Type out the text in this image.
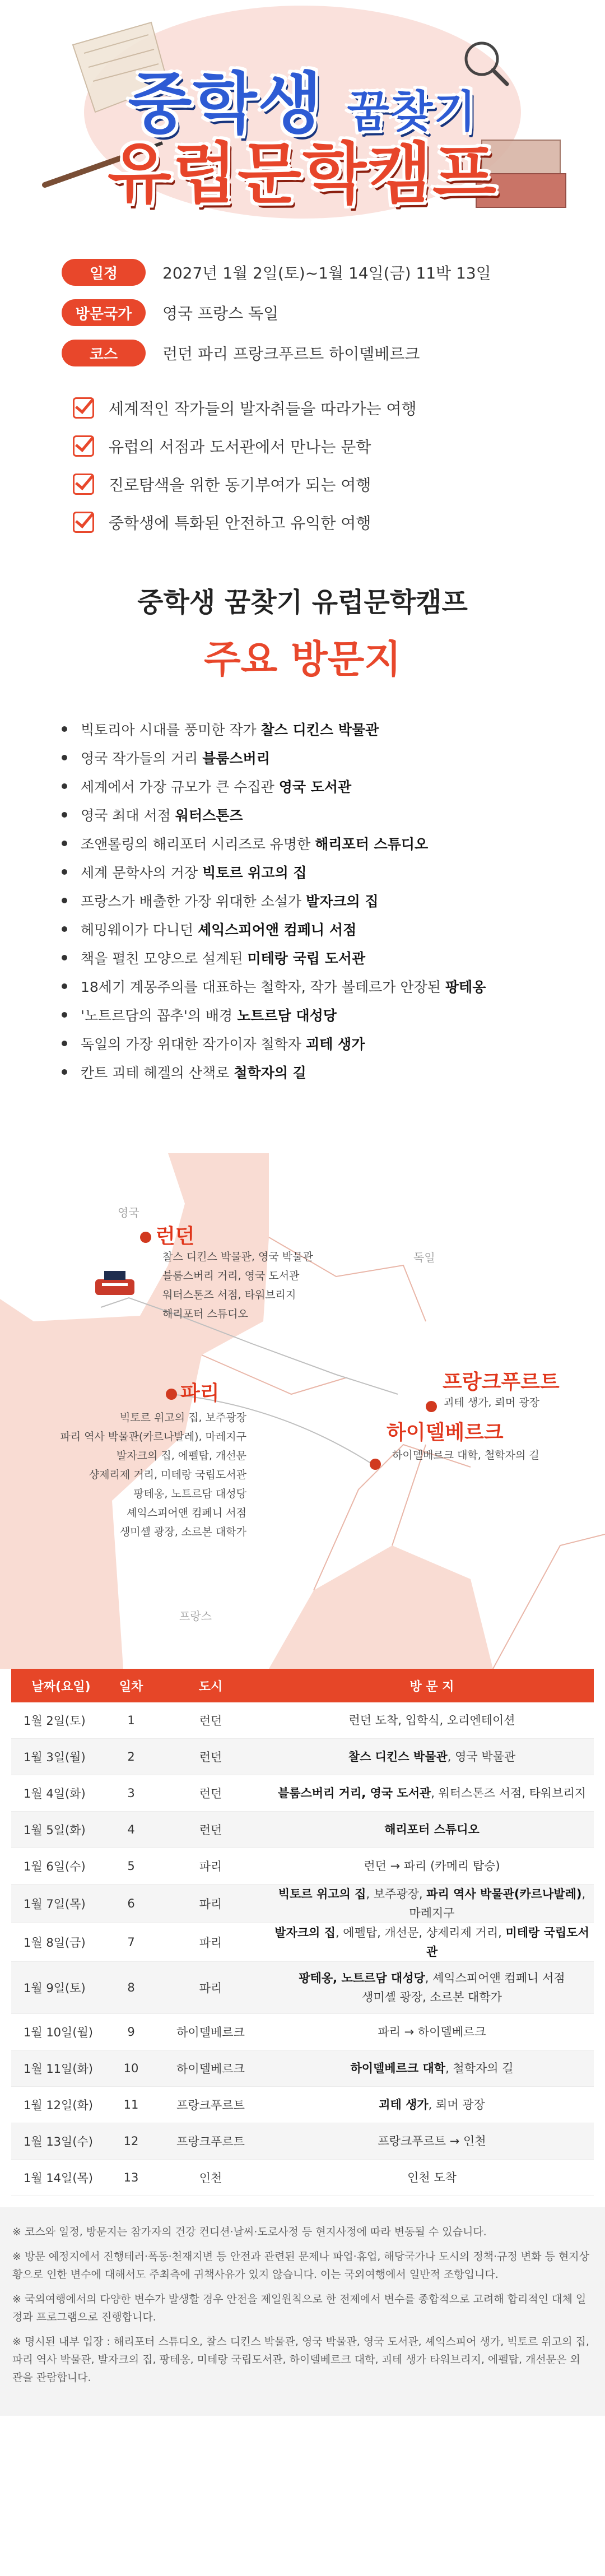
중학생 꿈찾기
유럽문학캠프
일정	2027년 1월 2일(토)~1월 14일(금) 11박 13일
방문국가	영국 프랑스 독일
코스	런던 파리 프랑크푸르트 하이델베르크
세계적인 작가들의 발자취들을 따라가는 여행
유럽의 서점과 도서관에서 만나는 문학
진로탐색을 위한 동기부여가 되는 여행
중학생에 특화된 안전하고 유익한 여행
중학생 꿈찾기 유럽문학캠프
주요 방문지
빅토리아 시대를 풍미한 작가 찰스 디킨스 박물관
영국 작가들의 거리 블룸스버리
세계에서 가장 규모가 큰 수집관 영국 도서관
영국 최대 서점 워터스톤즈
조앤롤링의 해리포터 시리즈로 유명한 해리포터 스튜디오
세계 문학사의 거장 빅토르 위고의 집
프랑스가 배출한 가장 위대한 소설가 발자크의 집
헤밍웨이가 다니던 셰익스피어앤 컴페니 서점
책을 펼친 모양으로 설계된 미테랑 국립 도서관
18세기 계몽주의를 대표하는 철학자, 작가 볼테르가 안장된 팡테옹
'노트르담의 꼽추'의 배경 노트르담 대성당
독일의 가장 위대한 작가이자 철학자 괴테 생가
칸트 괴테 헤겔의 산책로 철학자의 길
영국
독일
프랑스
런던
찰스 디킨스 박물관, 영국 박물관
블룸스버리 거리, 영국 도서관
워터스톤즈 서점, 타워브리지
해리포터 스튜디오
파리
빅토르 위고의 집, 보주광장
파리 역사 박물관(카르나발레), 마레지구
발자크의 집, 에펠탑, 개선문
샹제리제 거리, 미테랑 국립도서관
팡테옹, 노트르담 대성당
셰익스피어앤 컴페니 서점
생미셸 광장, 소르본 대학가
프랑크푸르트
괴테 생가, 뢰머 광장
하이델베르크
하이델베르크 대학, 철학자의 길
날짜(요일)	일차	도시	방 문 지
1월 2일(토)	1	런던	런던 도착, 입학식, 오리엔테이션
1월 3일(월)	2	런던	찰스 디킨스 박물관, 영국 박물관
1월 4일(화)	3	런던	블룸스버리 거리, 영국 도서관, 워터스톤즈 서점, 타워브리지
1월 5일(화)	4	런던	해리포터 스튜디오
1월 6일(수)	5	파리	런던 → 파리 (카메리 탑승)
1월 7일(목)	6	파리	빅토르 위고의 집, 보주광장, 파리 역사 박물관(카르나발레), 마레지구
1월 8일(금)	7	파리	발자크의 집, 에펠탑, 개선문, 샹제리제 거리, 미테랑 국립도서관
1월 9일(토)	8	파리	팡테옹, 노트르담 대성당, 셰익스피어앤 컴페니 서점
생미셸 광장, 소르본 대학가
1월 10일(월)	9	하이델베르크	파리 → 하이델베르크
1월 11일(화)	10	하이델베르크	하이델베르크 대학, 철학자의 길
1월 12일(화)	11	프랑크푸르트	괴테 생가, 뢰머 광장
1월 13일(수)	12	프랑크푸르트	프랑크푸르트 → 인천
1월 14일(목)	13	인천	인천 도착
※ 코스와 일정, 방문지는 참가자의 건강 컨디션·날씨·도로사정 등 현지사정에 따라 변동될 수 있습니다.
※ 방문 예정지에서 진행테러·폭동·천재지변 등 안전과 관련된 문제나 파업·휴업, 해당국가나 도시의 정책·규정 변화 등 현지상황으로 인한 변수에 대해서도 주최측에 귀책사유가 있지 않습니다. 이는 국외여행에서 일반적 조항입니다.
※ 국외여행에서의 다양한 변수가 발생할 경우 안전을 제일원칙으로 한 전제에서 변수를 종합적으로 고려해 합리적인 대체 일정과 프로그램으로 진행합니다.
※ 명시된 내부 입장 : 해리포터 스튜디오, 찰스 디킨스 박물관, 영국 박물관, 영국 도서관, 셰익스피어 생가, 빅토르 위고의 집, 파리 역사 박물관, 발자크의 집, 팡테옹, 미테랑 국립도서관, 하이델베르크 대학, 괴테 생가 타워브리지, 에펠탑, 개선문은 외관을 관람합니다.
